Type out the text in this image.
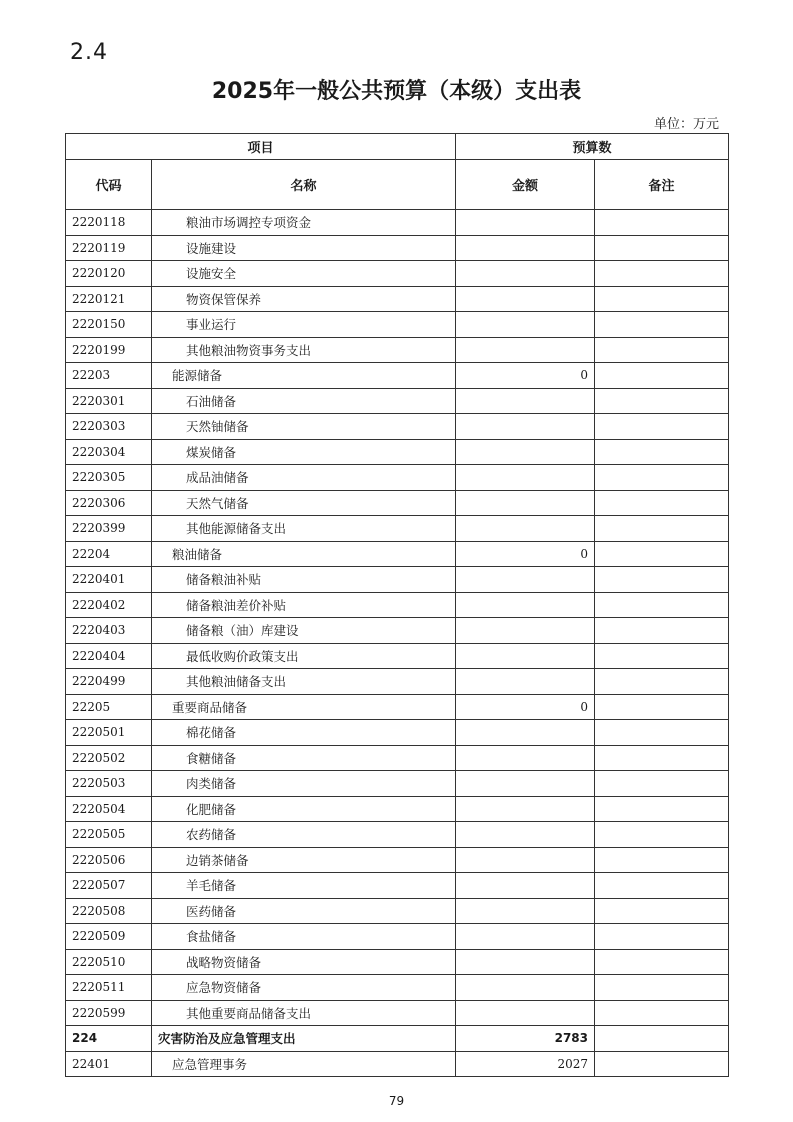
2.4
2025年一般公共预算（本级）支出表
单位：万元
项目		预算数	
代码	名称	金额	备注
2220118	粮油市场调控专项资金		
2220119	设施建设		
2220120	设施安全		
2220121	物资保管保养		
2220150	事业运行		
2220199	其他粮油物资事务支出		
22203	能源储备	0	
2220301	石油储备		
2220303	天然铀储备		
2220304	煤炭储备		
2220305	成品油储备		
2220306	天然气储备		
2220399	其他能源储备支出		
22204	粮油储备	0	
2220401	储备粮油补贴		
2220402	储备粮油差价补贴		
2220403	储备粮（油）库建设		
2220404	最低收购价政策支出		
2220499	其他粮油储备支出		
22205	重要商品储备	0	
2220501	棉花储备		
2220502	食糖储备		
2220503	肉类储备		
2220504	化肥储备		
2220505	农药储备		
2220506	边销茶储备		
2220507	羊毛储备		
2220508	医药储备		
2220509	食盐储备		
2220510	战略物资储备		
2220511	应急物资储备		
2220599	其他重要商品储备支出		
224	灾害防治及应急管理支出	2783	
22401	应急管理事务	2027	
79
